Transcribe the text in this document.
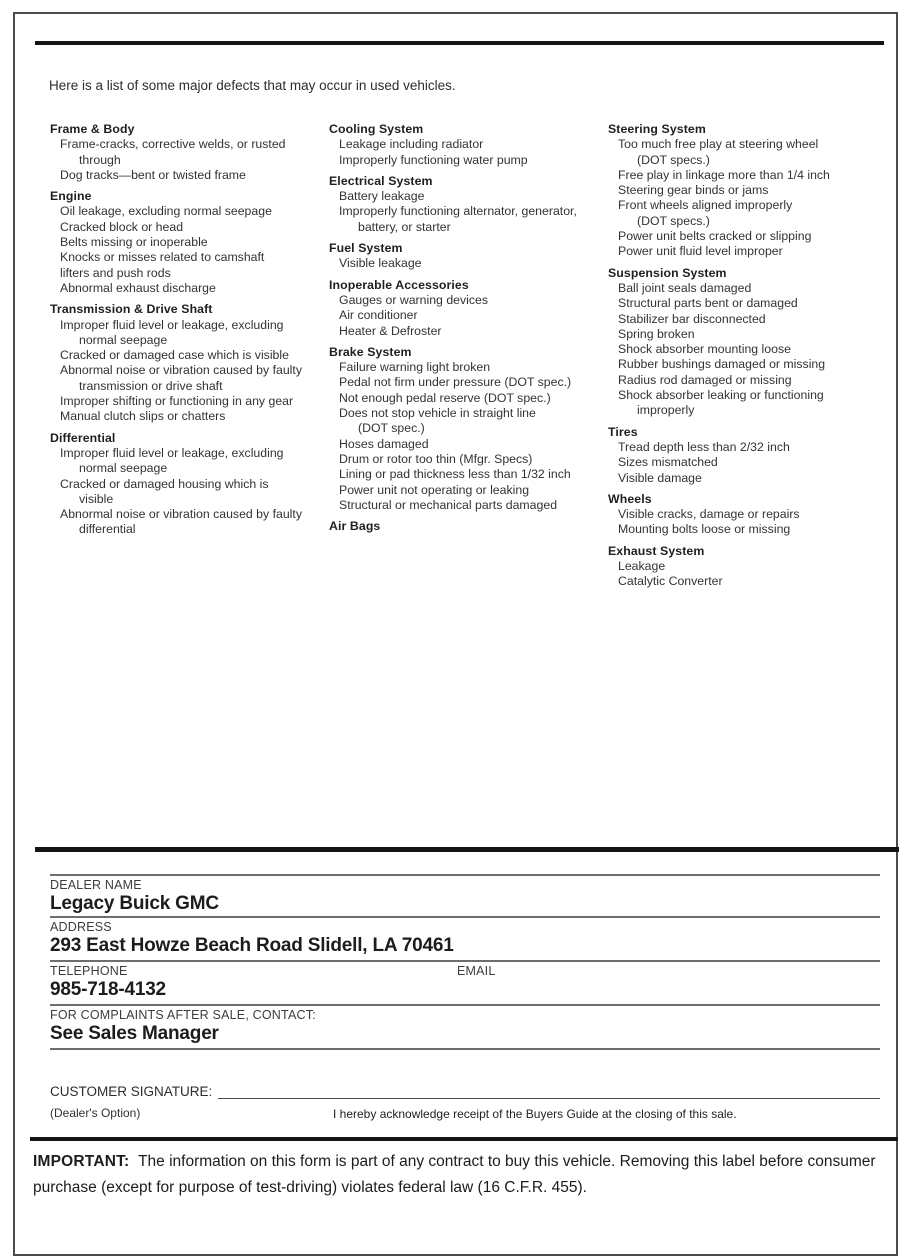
Here is a list of some major defects that may occur in used vehicles.
Frame & Body
Frame-cracks, corrective welds, or rusted
through
Dog tracks—bent or twisted frame
Engine
Oil leakage, excluding normal seepage
Cracked block or head
Belts missing or inoperable
Knocks or misses related to camshaft
lifters and push rods
Abnormal exhaust discharge
Transmission & Drive Shaft
Improper fluid level or leakage, excluding
normal seepage
Cracked or damaged case which is visible
Abnormal noise or vibration caused by faulty
transmission or drive shaft
Improper shifting or functioning in any gear
Manual clutch slips or chatters
Differential
Improper fluid level or leakage, excluding
normal seepage
Cracked or damaged housing which is
visible
Abnormal noise or vibration caused by faulty
differential
Cooling System
Leakage including radiator
Improperly functioning water pump
Electrical System
Battery leakage
Improperly functioning alternator, generator,
battery, or starter
Fuel System
Visible leakage
Inoperable Accessories
Gauges or warning devices
Air conditioner
Heater & Defroster
Brake System
Failure warning light broken
Pedal not firm under pressure (DOT spec.)
Not enough pedal reserve (DOT spec.)
Does not stop vehicle in straight line
(DOT spec.)
Hoses damaged
Drum or rotor too thin (Mfgr. Specs)
Lining or pad thickness less than 1/32 inch
Power unit not operating or leaking
Structural or mechanical parts damaged
Air Bags
Steering System
Too much free play at steering wheel
(DOT specs.)
Free play in linkage more than 1/4 inch
Steering gear binds or jams
Front wheels aligned improperly
(DOT specs.)
Power unit belts cracked or slipping
Power unit fluid level improper
Suspension System
Ball joint seals damaged
Structural parts bent or damaged
Stabilizer bar disconnected
Spring broken
Shock absorber mounting loose
Rubber bushings damaged or missing
Radius rod damaged or missing
Shock absorber leaking or functioning
improperly
Tires
Tread depth less than 2/32 inch
Sizes mismatched
Visible damage
Wheels
Visible cracks, damage or repairs
Mounting bolts loose or missing
Exhaust System
Leakage
Catalytic Converter
DEALER NAME
Legacy Buick GMC
ADDRESS
293 East Howze Beach Road Slidell, LA 70461
TELEPHONE	EMAIL
985-718-4132
FOR COMPLAINTS AFTER SALE, CONTACT:
See Sales Manager
CUSTOMER SIGNATURE:
(Dealer's Option)	I hereby acknowledge receipt of the Buyers Guide at the closing of this sale.
IMPORTANT: The information on this form is part of any contract to buy this vehicle. Removing this label before consumer purchase (except for purpose of test-driving) violates federal law (16 C.F.R. 455).
